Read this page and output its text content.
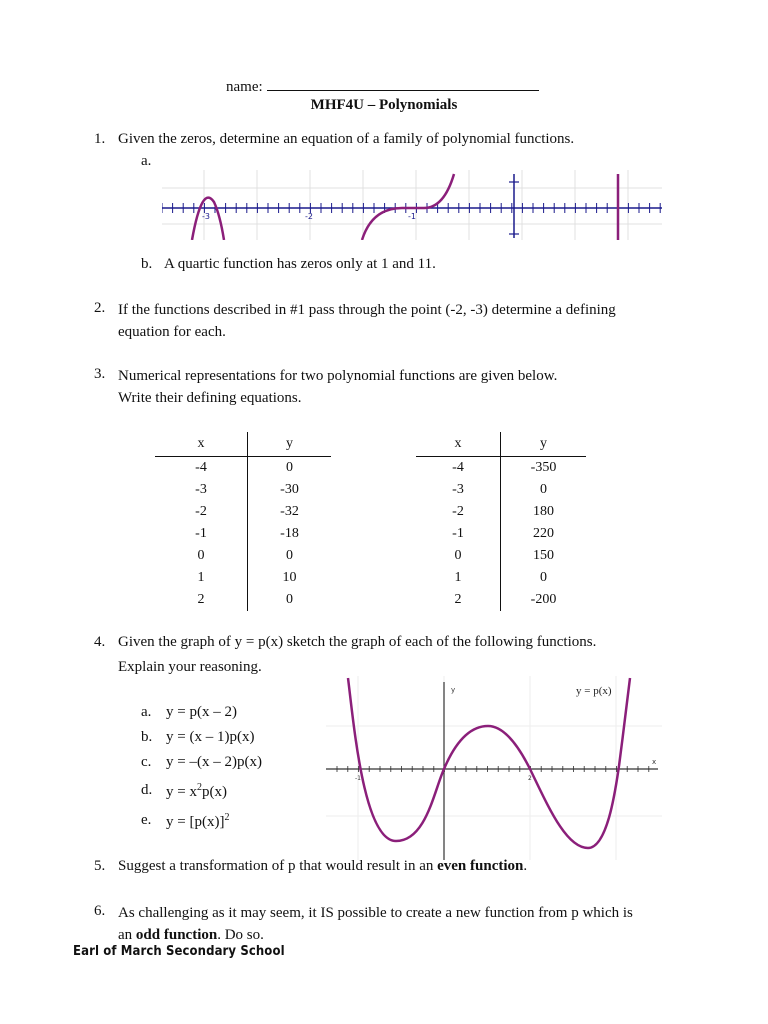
name:
MHF4U – Polynomials
1. Given the zeros, determine an equation of a family of polynomial functions.
a.
-3	-2	-1
b. A quartic function has zeros only at 1 and 11.
2. If the functions described in #1 pass through the point (-2, -3) determine a defining
equation for each.
3. Numerical representations for two polynomial functions are given below.
Write their defining equations.
x	y
-4	0
-3	-30
-2	-32
-1	-18
0	0
1	10
2	0
x	y
-4	-350
-3	0
-2	180
-1	220
0	150
1	0
2	-200
4. Given the graph of y = p(x) sketch the graph of each of the following functions.
Explain your reasoning.
a. y = p(x – 2)
b. y = (x – 1)p(x)
c. y = –(x – 2)p(x)
d. $y = x^2p(x)$
e. $y = [p(x)]^2$
y
x
-1	2
y = p(x)
5. Suggest a transformation of p that would result in an even function.
6. As challenging as it may seem, it IS possible to create a new function from p which is
an odd function. Do so.
Earl of March Secondary School
